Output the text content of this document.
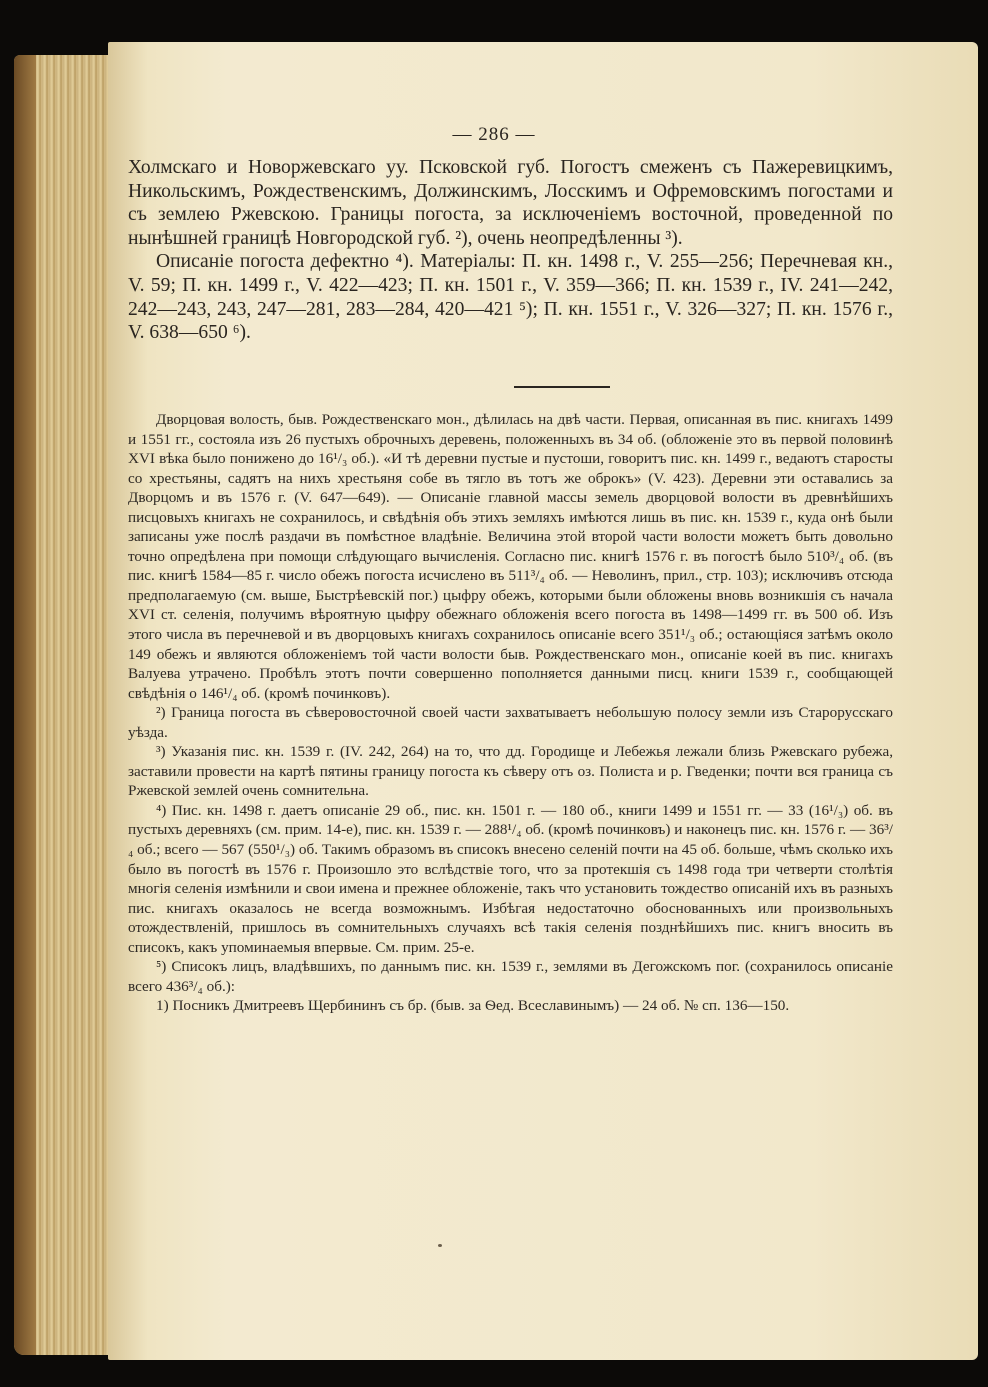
— 286 —

Холмскаго и Новоржевскаго уу. Псковской губ. Погостъ смеженъ съ Пажеревицкимъ, Никольскимъ, Рождественскимъ, Должинскимъ, Лосскимъ и Офремовскимъ погостами и съ землею Ржевскою. Границы погоста, за исключеніемъ восточной, проведенной по нынѣшней границѣ Новгородской губ. ²), очень неопредѣленны ³).

Описаніе погоста дефектно ⁴). Матеріалы: П. кн. 1498 г., V. 255—256; Перечневая кн., V. 59; П. кн. 1499 г., V. 422—423; П. кн. 1501 г., V. 359—366; П. кн. 1539 г., IV. 241—242, 242—243, 243, 247—281, 283—284, 420—421 ⁵); П. кн. 1551 г., V. 326—327; П. кн. 1576 г., V. 638—650 ⁶).

Дворцовая волость, быв. Рождественскаго мон., дѣлилась на двѣ части. Первая, описанная въ пис. книгахъ 1499 и 1551 гг., состояла изъ 26 пустыхъ оброчныхъ деревень, положенныхъ въ 34 об. (обложеніе это въ первой половинѣ XVI вѣка было понижено до 16¹/₃ об.). «И тѣ деревни пустые и пустоши, говоритъ пис. кн. 1499 г., ведаютъ старосты со хрестьяны, садятъ на нихъ хрестьяня собе въ тягло въ тотъ же оброкъ» (V. 423). Деревни эти оставались за Дворцомъ и въ 1576 г. (V. 647—649). — Описаніе главной массы земель дворцовой волости въ древнѣйшихъ писцовыхъ книгахъ не сохранилось, и свѣдѣнія объ этихъ земляхъ имѣются лишь въ пис. кн. 1539 г., куда онѣ были записаны уже послѣ раздачи въ помѣстное владѣніе. Величина этой второй части волости можетъ быть довольно точно опредѣлена при помощи слѣдующаго вычисленія. Согласно пис. книгѣ 1576 г. въ погостѣ было 510³/₄ об. (въ пис. книгѣ 1584—85 г. число обежъ погоста исчислено въ 511³/₄ об. — Неволинъ, прил., стр. 103); исключивъ отсюда предполагаемую (см. выше, Быстрѣевскій пог.) цыфру обежъ, которыми были обложены вновь возникшія съ начала XVI ст. селенія, получимъ вѣроятную цыфру обежнаго обложенія всего погоста въ 1498—1499 гг. въ 500 об. Изъ этого числа въ перечневой и въ дворцовыхъ книгахъ сохранилось описаніе всего 351¹/₃ об.; остающіяся затѣмъ около 149 обежъ и являются обложеніемъ той части волости быв. Рождественскаго мон., описаніе коей въ пис. книгахъ Валуева утрачено. Пробѣлъ этотъ почти совершенно пополняется данными писц. книги 1539 г., сообщающей свѣдѣнія о 146¹/₄ об. (кромѣ починковъ).

²) Граница погоста въ сѣверовосточной своей части захватываетъ небольшую полосу земли изъ Старорусскаго уѣзда.

³) Указанія пис. кн. 1539 г. (IV. 242, 264) на то, что дд. Городище и Лебежья лежали близь Ржевскаго рубежа, заставили провести на картѣ пятины границу погоста къ сѣверу отъ оз. Полиста и р. Гведенки; почти вся граница съ Ржевской землей очень сомнительна.

⁴) Пис. кн. 1498 г. даетъ описаніе 29 об., пис. кн. 1501 г. — 180 об., книги 1499 и 1551 гг. — 33 (16¹/₃) об. въ пустыхъ деревняхъ (см. прим. 14-е), пис. кн. 1539 г. — 288¹/₄ об. (кромѣ починковъ) и наконецъ пис. кн. 1576 г. — 36³/₄ об.; всего — 567 (550¹/₃) об. Такимъ образомъ въ списокъ внесено селеній почти на 45 об. больше, чѣмъ сколько ихъ было въ погостѣ въ 1576 г. Произошло это вслѣдствіе того, что за протекшія съ 1498 года три четверти столѣтія многія селенія измѣнили и свои имена и прежнее обложеніе, такъ что установить тождество описаній ихъ въ разныхъ пис. книгахъ оказалось не всегда возможнымъ. Избѣгая недостаточно обоснованныхъ или произвольныхъ отождествленій, пришлось въ сомнительныхъ случаяхъ всѣ такія селенія позднѣйшихъ пис. книгъ вносить въ списокъ, какъ упоминаемыя впервые. См. прим. 25-е.

⁵) Списокъ лицъ, владѣвшихъ, по даннымъ пис. кн. 1539 г., землями въ Дегожскомъ пог. (сохранилось описаніе всего 436³/₄ об.):

1) Посникъ Дмитреевъ Щербининъ съ бр. (быв. за Ѳед. Всеславинымъ) — 24 об. № сп. 136—150.
